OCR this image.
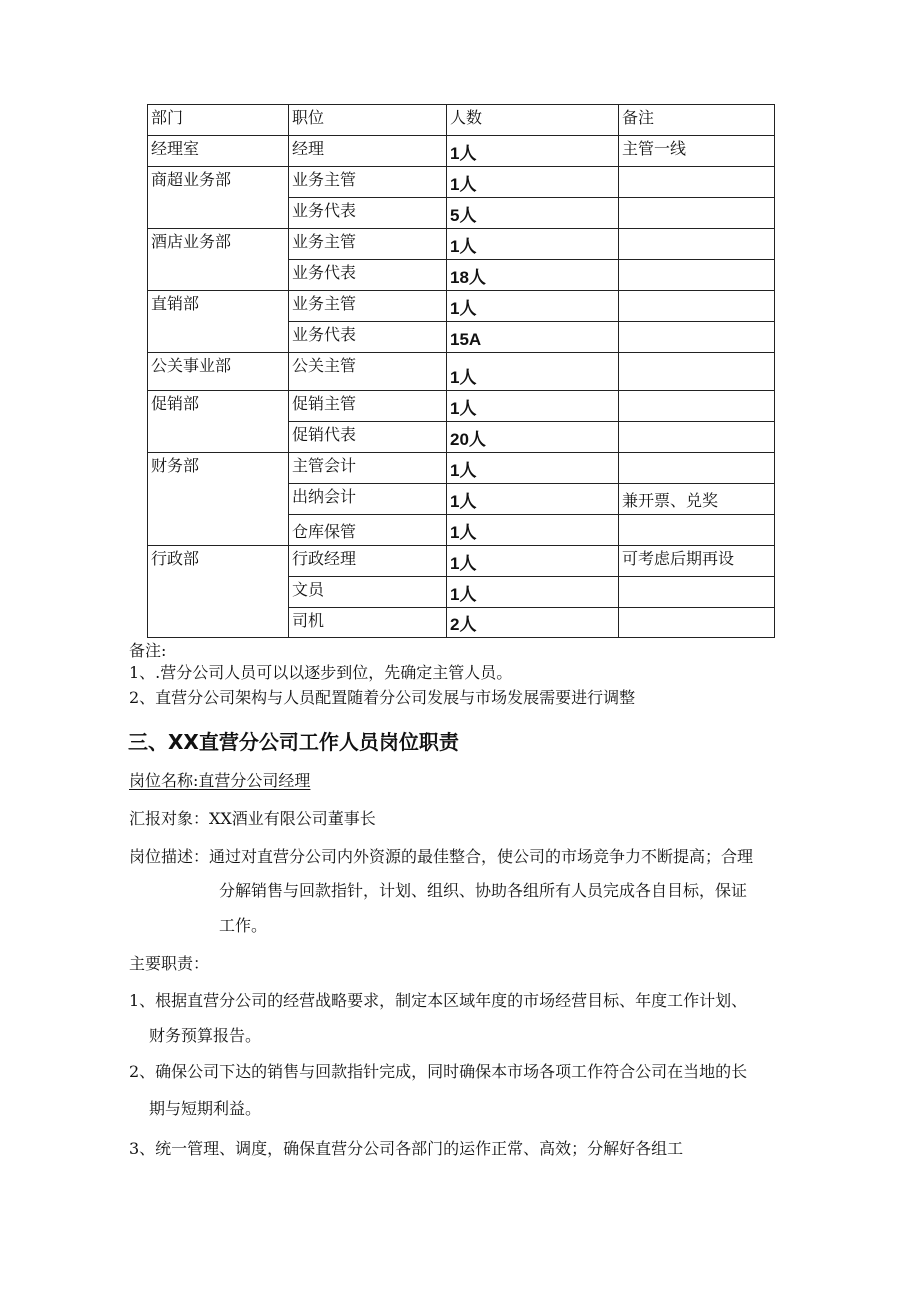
部门	职位	人数	备注
经理室	经理	1人	主管一线
商超业务部	业务主管	1人	
	业务代表	5人	
酒店业务部	业务主管	1人	
	业务代表	18人	
直销部	业务主管	1人	
	业务代表	15A	
公关事业部	公关主管	1人	
促销部	促销主管	1人	
	促销代表	20人	
财务部	主管会计	1人	
	出纳会计	1人	兼开票、兑奖
	仓库保管	1人	
行政部	行政经理	1人	可考虑后期再设
	文员	1人	
	司机	2人	
备注:
1、.营分公司人员可以以逐步到位，先确定主管人员。
2、直营分公司架构与人员配置随着分公司发展与市场发展需要进行调整
三、XX直营分公司工作人员岗位职责
岗位名称:直营分公司经理
汇报对象：XX酒业有限公司董事长
岗位描述：通过对直营分公司内外资源的最佳整合，使公司的市场竞争力不断提高；合理
分解销售与回款指针，计划、组织、协助各组所有人员完成各自目标，保证
工作。
主要职责：
1、根据直营分公司的经营战略要求，制定本区域年度的市场经营目标、年度工作计划、
财务预算报告。
2、确保公司下达的销售与回款指针完成，同时确保本市场各项工作符合公司在当地的长
期与短期利益。
3、统一管理、调度，确保直营分公司各部门的运作正常、高效；分解好各组工
